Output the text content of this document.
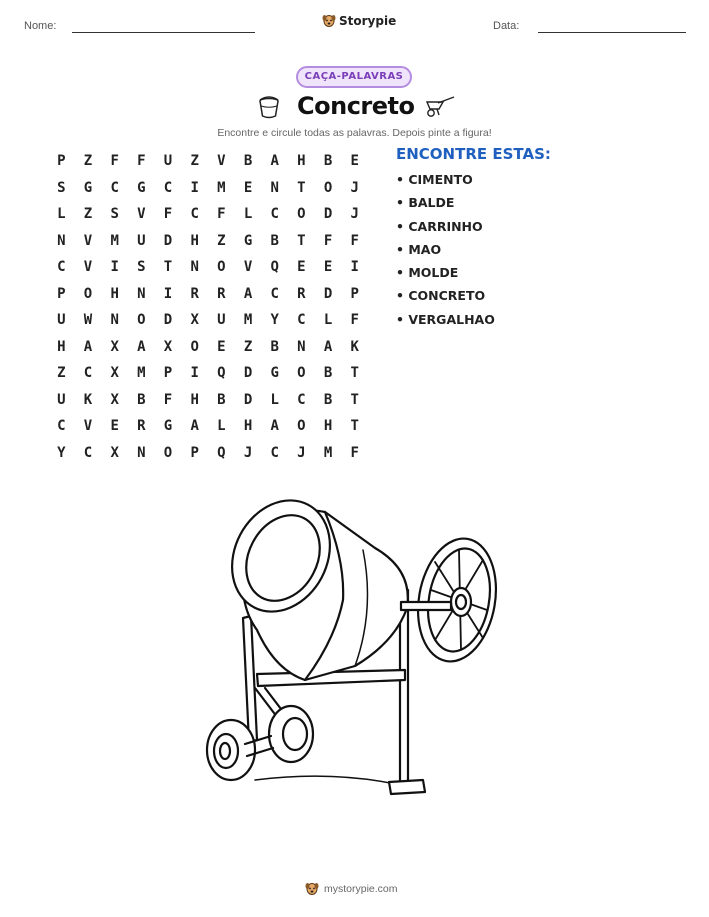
Nome:	Storypie	Data:
CAÇA-PALAVRAS
Concreto
Encontre e circule todas as palavras. Depois pinte a figura!
P	Z	F	F	U	Z	V	B	A	H	B	E
S	G	C	G	C	I	M	E	N	T	O	J
L	Z	S	V	F	C	F	L	C	O	D	J
N	V	M	U	D	H	Z	G	B	T	F	F
C	V	I	S	T	N	O	V	Q	E	E	I
P	O	H	N	I	R	R	A	C	R	D	P
U	W	N	O	D	X	U	M	Y	C	L	F
H	A	X	A	X	O	E	Z	B	N	A	K
Z	C	X	M	P	I	Q	D	G	O	B	T
U	K	X	B	F	H	B	D	L	C	B	T
C	V	E	R	G	A	L	H	A	O	H	T
Y	C	X	N	O	P	Q	J	C	J	M	F
ENCONTRE ESTAS:
• CIMENTO
• BALDE
• CARRINHO
• MAO
• MOLDE
• CONCRETO
• VERGALHAO
mystorypie.com
